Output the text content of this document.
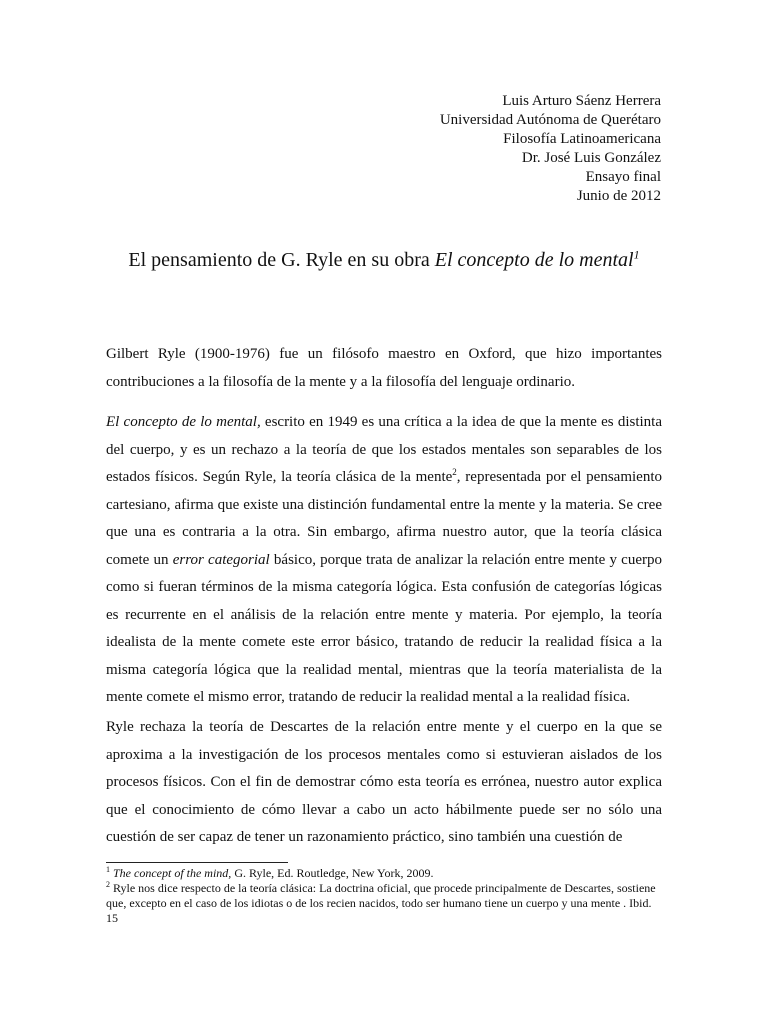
Luis Arturo Sáenz Herrera
Universidad Autónoma de Querétaro
Filosofía Latinoamericana
Dr. José Luis González
Ensayo final
Junio de 2012
El pensamiento de G. Ryle en su obra El concepto de lo mental$^1$

Gilbert Ryle (1900-1976) fue un filósofo maestro en Oxford, que hizo importantes contribuciones a la filosofía de la mente y a la filosofía del lenguaje ordinario.

El concepto de lo mental, escrito en 1949 es una crítica a la idea de que la mente es distinta del cuerpo, y es un rechazo a la teoría de que los estados mentales son separables de los estados físicos. Según Ryle, la teoría clásica de la mente$^2$, representada por el pensamiento cartesiano, afirma que existe una distinción fundamental entre la mente y la materia. Se cree que una es contraria a la otra. Sin embargo, afirma nuestro autor, que la teoría clásica comete un error categorial básico, porque trata de analizar la relación entre mente y cuerpo como si fueran términos de la misma categoría lógica. Esta confusión de categorías lógicas es recurrente en el análisis de la relación entre mente y materia. Por ejemplo, la teoría idealista de la mente comete este error básico, tratando de reducir la realidad física a la misma categoría lógica que la realidad mental, mientras que la teoría materialista de la mente comete el mismo error, tratando de reducir la realidad mental a la realidad física.

Ryle rechaza la teoría de Descartes de la relación entre mente y el cuerpo en la que se aproxima a la investigación de los procesos mentales como si estuvieran aislados de los procesos físicos. Con el fin de demostrar cómo esta teoría es errónea, nuestro autor explica que el conocimiento de cómo llevar a cabo un acto hábilmente puede ser no sólo una cuestión de ser capaz de tener un razonamiento práctico, sino también una cuestión de

$^1$ The concept of the mind, G. Ryle, Ed. Routledge, New York, 2009.

$^2$ Ryle nos dice respecto de la teoría clásica: La doctrina oficial, que procede principalmente de Descartes, sostiene que, excepto en el caso de los idiotas o de los recien nacidos, todo ser humano tiene un cuerpo y una mente . Ibid. 15
